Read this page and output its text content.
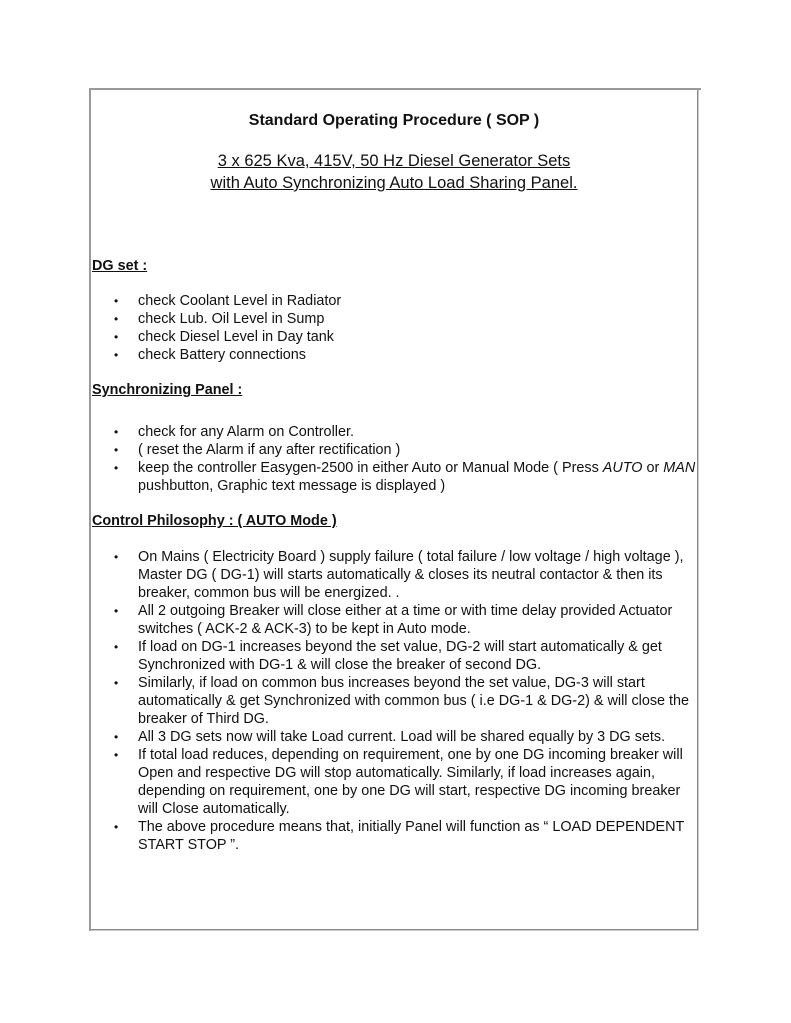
Standard Operating Procedure ( SOP )
3 x 625 Kva, 415V, 50 Hz Diesel Generator Sets
with Auto Synchronizing Auto Load Sharing Panel.
DG set :
• check Coolant Level in Radiator
• check Lub. Oil Level in Sump
• check Diesel Level in Day tank
• check Battery connections
Synchronizing Panel :
• check for any Alarm on Controller.
• ( reset the Alarm if any after rectification )
• keep the controller Easygen-2500 in either Auto or Manual Mode ( Press AUTO or MAN pushbutton, Graphic text message is displayed )
Control Philosophy : ( AUTO Mode )
• On Mains ( Electricity Board ) supply failure ( total failure / low voltage / high voltage ), Master DG ( DG-1) will starts automatically & closes its neutral contactor & then its breaker, common bus will be energized. .
• All 2 outgoing Breaker will close either at a time or with time delay provided Actuator switches ( ACK-2 & ACK-3) to be kept in Auto mode.
• If load on DG-1 increases beyond the set value, DG-2 will start automatically & get Synchronized with DG-1 & will close the breaker of second DG.
• Similarly, if load on common bus increases beyond the set value, DG-3 will start automatically & get Synchronized with common bus ( i.e DG-1 & DG-2) & will close the breaker of Third DG.
• All 3 DG sets now will take Load current. Load will be shared equally by 3 DG sets.
• If total load reduces, depending on requirement, one by one DG incoming breaker will Open and respective DG will stop automatically. Similarly, if load increases again, depending on requirement, one by one DG will start, respective DG incoming breaker will Close automatically.
• The above procedure means that, initially Panel will function as “ LOAD DEPENDENT START STOP ”.
